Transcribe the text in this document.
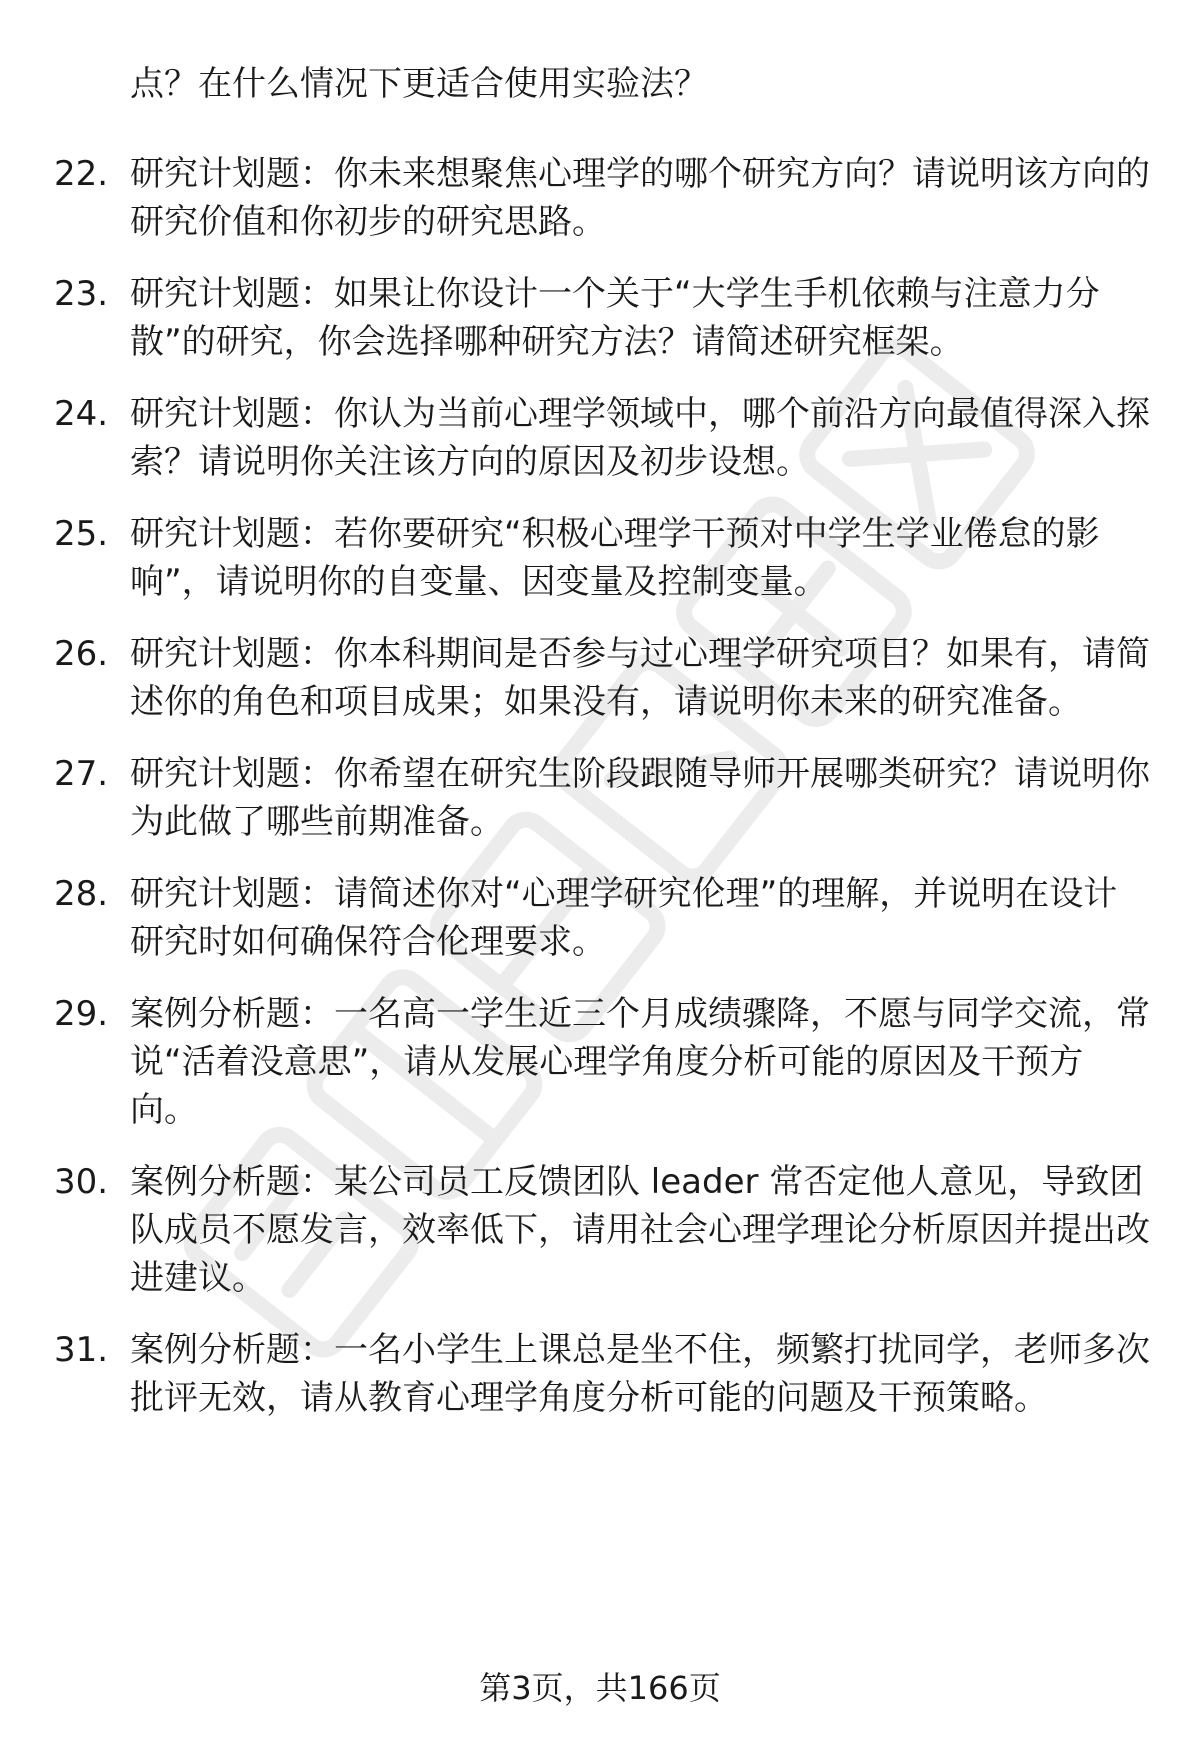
点？在什么情况下更适合使用实验法？

22. 研究计划题：你未来想聚焦心理学的哪个研究方向？请说明该方向的研究价值和你初步的研究思路。
23. 研究计划题：如果让你设计一个关于“大学生手机依赖与注意力分散”的研究，你会选择哪种研究方法？请简述研究框架。
24. 研究计划题：你认为当前心理学领域中，哪个前沿方向最值得深入探索？请说明你关注该方向的原因及初步设想。
25. 研究计划题：若你要研究“积极心理学干预对中学生学业倦怠的影响”，请说明你的自变量、因变量及控制变量。
26. 研究计划题：你本科期间是否参与过心理学研究项目？如果有，请简述你的角色和项目成果；如果没有，请说明你未来的研究准备。
27. 研究计划题：你希望在研究生阶段跟随导师开展哪类研究？请说明你为此做了哪些前期准备。
28. 研究计划题：请简述你对“心理学研究伦理”的理解，并说明在设计研究时如何确保符合伦理要求。
29. 案例分析题：一名高一学生近三个月成绩骤降，不愿与同学交流，常说“活着没意思”，请从发展心理学角度分析可能的原因及干预方向。
30. 案例分析题：某公司员工反馈团队 leader 常否定他人意见，导致团队成员不愿发言，效率低下，请用社会心理学理论分析原因并提出改进建议。
31. 案例分析题：一名小学生上课总是坐不住，频繁打扰同学，老师多次批评无效，请从教育心理学角度分析可能的问题及干预策略。
第3页，共166页
